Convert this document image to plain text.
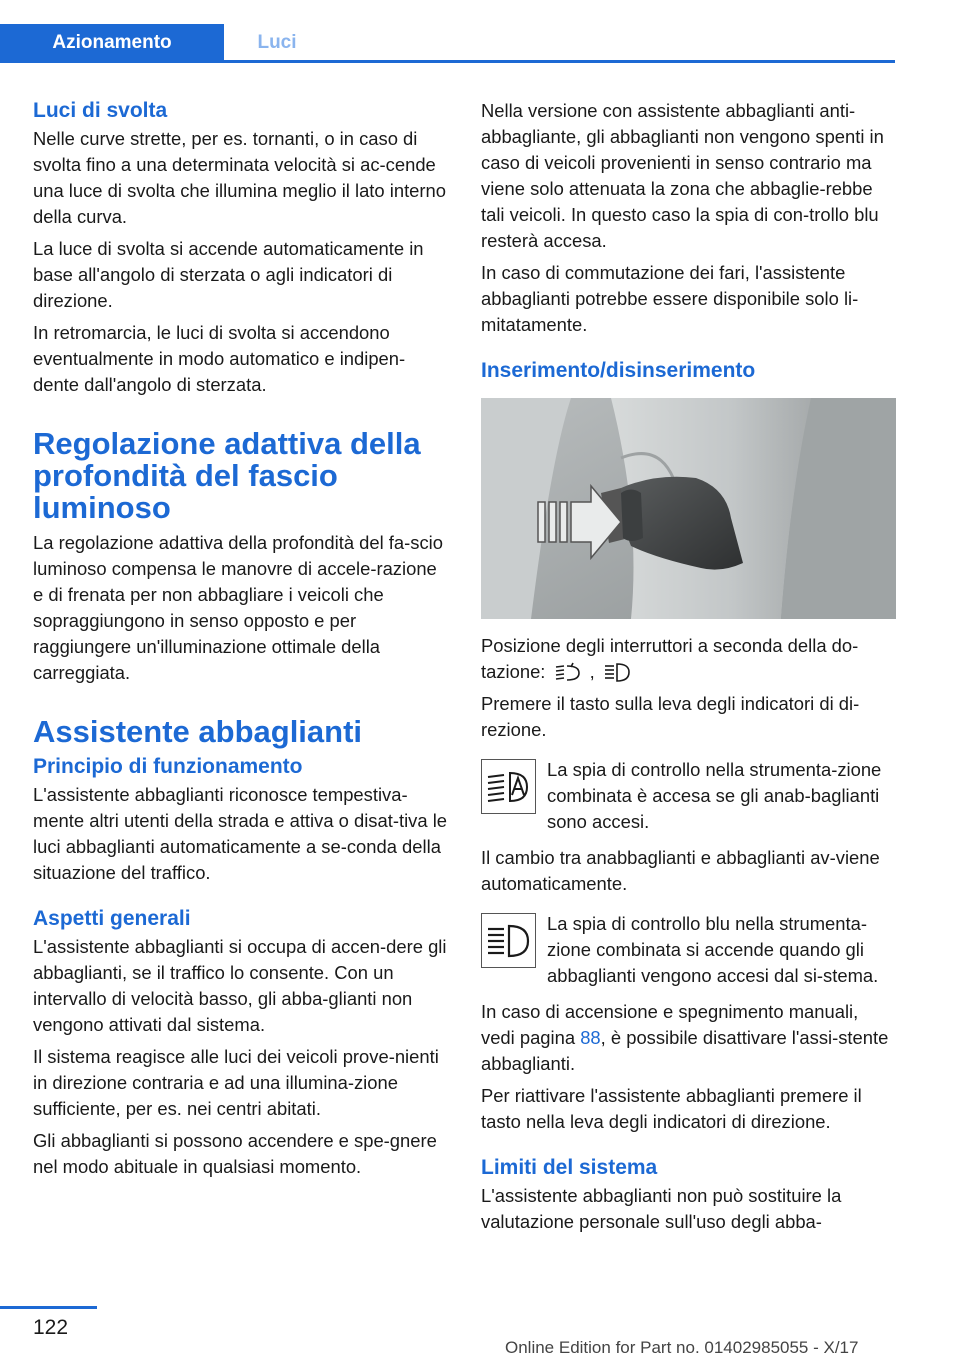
Azionamento	Luci
Luci di svolta

Nelle curve strette, per es. tornanti, o in caso di svolta fino a una determinata velocità si ac-cende una luce di svolta che illumina meglio il lato interno della curva.

La luce di svolta si accende automaticamente in base all'angolo di sterzata o agli indicatori di direzione.

In retromarcia, le luci di svolta si accendono eventualmente in modo automatico e indipen-dente dall'angolo di sterzata.

Regolazione adattiva della profondità del fascio luminoso

La regolazione adattiva della profondità del fa-scio luminoso compensa le manovre di accele-razione e di frenata per non abbagliare i veicoli che sopraggiungono in senso opposto e per raggiungere un'illuminazione ottimale della carreggiata.

Assistente abbaglianti
Principio di funzionamento

L'assistente abbaglianti riconosce tempestiva-mente altri utenti della strada e attiva o disat-tiva le luci abbaglianti automaticamente a se-conda della situazione del traffico.

Aspetti generali

L'assistente abbaglianti si occupa di accen-dere gli abbaglianti, se il traffico lo consente. Con un intervallo di velocità basso, gli abba-glianti non vengono attivati dal sistema.

Il sistema reagisce alle luci dei veicoli prove-nienti in direzione contraria e ad una illumina-zione sufficiente, per es. nei centri abitati.

Gli abbaglianti si possono accendere e spe-gnere nel modo abituale in qualsiasi momento.

Nella versione con assistente abbaglianti anti-abbagliante, gli abbaglianti non vengono spenti in caso di veicoli provenienti in senso contrario ma viene solo attenuata la zona che abbaglie-rebbe tali veicoli. In questo caso la spia di con-trollo blu resterà accesa.

In caso di commutazione dei fari, l'assistente abbaglianti potrebbe essere disponibile solo li-mitatamente.

Inserimento/disinserimento

Posizione degli interruttori a seconda della do-tazione: ,

Premere il tasto sulla leva degli indicatori di di-rezione.

La spia di controllo nella strumenta-zione combinata è accesa se gli anab-baglianti sono accesi.

Il cambio tra anabbaglianti e abbaglianti av-viene automaticamente.

La spia di controllo blu nella strumenta-zione combinata si accende quando gli abbaglianti vengono accesi dal si-stema.

In caso di accensione e spegnimento manuali, vedi pagina 88, è possibile disattivare l'assi-stente abbaglianti.

Per riattivare l'assistente abbaglianti premere il tasto nella leva degli indicatori di direzione.

Limiti del sistema

L'assistente abbaglianti non può sostituire la valutazione personale sull'uso degli abba-

122
Online Edition for Part no. 01402985055 - X/17
